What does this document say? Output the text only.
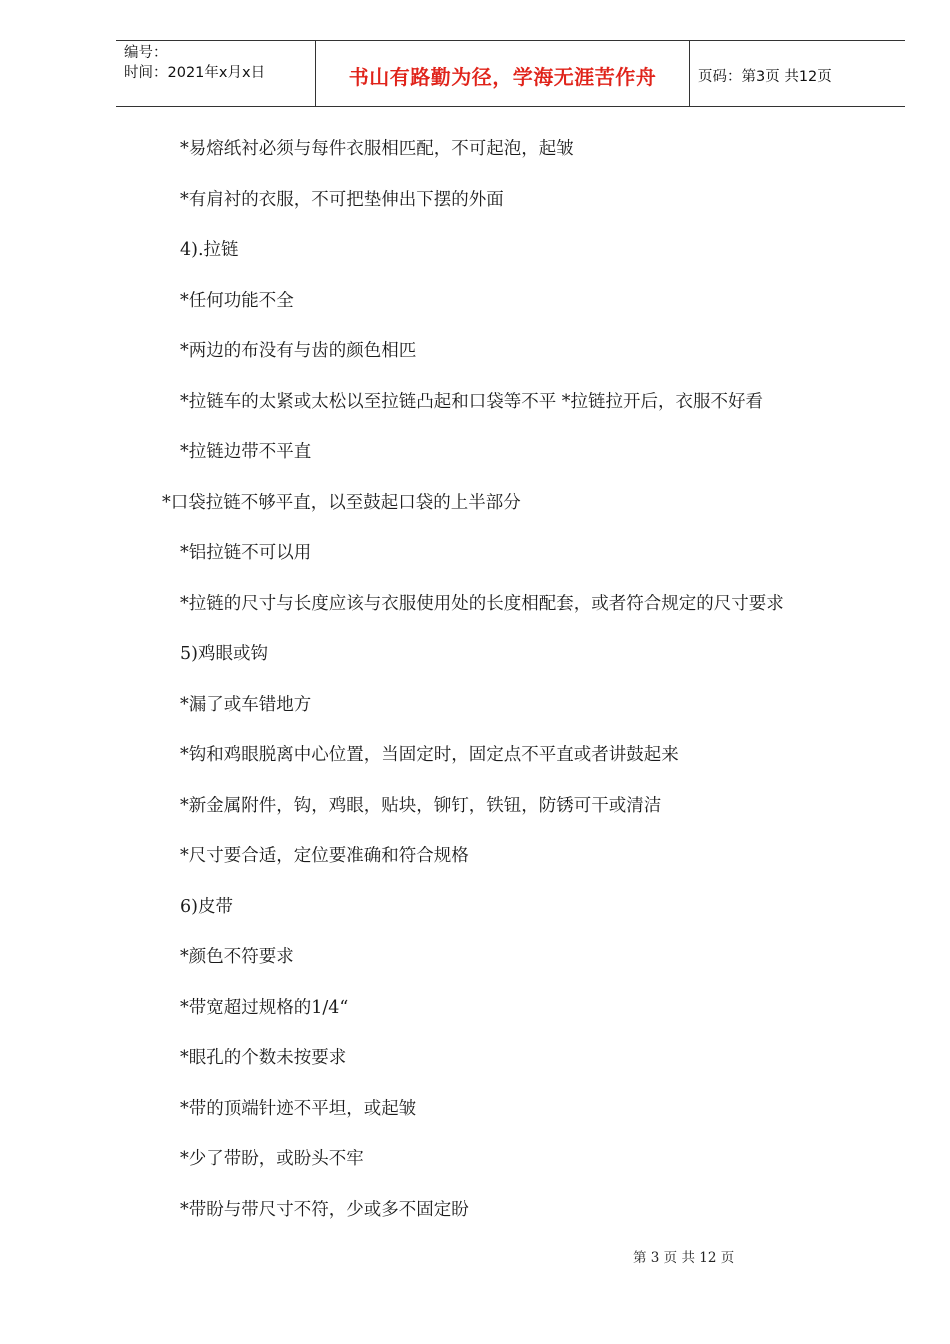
编号：
时间：2021年x月x日	书山有路勤为径，学海无涯苦作舟	页码：第3页 共12页
*易熔纸衬必须与每件衣服相匹配，不可起泡，起皱
*有肩衬的衣服，不可把垫伸出下摆的外面
4).拉链
*任何功能不全
*两边的布没有与齿的颜色相匹
*拉链车的太紧或太松以至拉链凸起和口袋等不平 *拉链拉开后，衣服不好看
*拉链边带不平直
*口袋拉链不够平直，以至鼓起口袋的上半部分
*铝拉链不可以用
*拉链的尺寸与长度应该与衣服使用处的长度相配套，或者符合规定的尺寸要求
5)鸡眼或钩
*漏了或车错地方
*钩和鸡眼脱离中心位置，当固定时，固定点不平直或者讲鼓起来
*新金属附件，钩，鸡眼，贴块，铆钉，铁钮，防锈可干或清洁
*尺寸要合适，定位要准确和符合规格
6)皮带
*颜色不符要求
*带宽超过规格的1/4“
*眼孔的个数未按要求
*带的顶端针迹不平坦，或起皱
*少了带盼，或盼头不牢
*带盼与带尺寸不符，少或多不固定盼
第 3 页 共 12 页
